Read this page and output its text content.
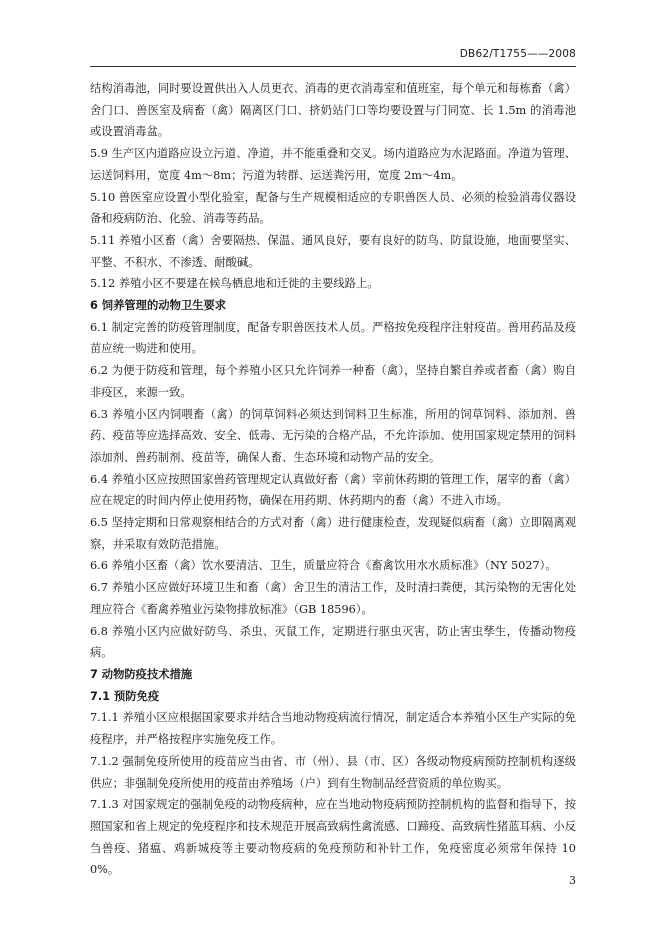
DB62/T1755——2008

结构消毒池，同时要设置供出入人员更衣、消毒的更衣消毒室和值班室，每个单元和每栋畜（禽）舍门口、兽医室及病畜（禽）隔离区门口、挤奶站门口等均要设置与门同宽、长 1.5m 的消毒池或设置消毒盆。

5.9 生产区内道路应设立污道、净道，并不能重叠和交叉。场内道路应为水泥路面。净道为管理、运送饲料用，宽度 4m～8m；污道为转群、运送粪污用，宽度 2m～4m。

5.10 兽医室应设置小型化验室，配备与生产规模相适应的专职兽医人员、必须的检验消毒仪器设备和疫病防治、化验、消毒等药品。

5.11 养殖小区畜（禽）舍要隔热、保温、通风良好，要有良好的防鸟、防鼠设施，地面要坚实、平整、不积水、不渗透、耐酸碱。

5.12 养殖小区不要建在候鸟栖息地和迁徙的主要线路上。

6 饲养管理的动物卫生要求

6.1 制定完善的防疫管理制度，配备专职兽医技术人员。严格按免疫程序注射疫苗。兽用药品及疫苗应统一购进和使用。

6.2 为便于防疫和管理，每个养殖小区只允许饲养一种畜（禽），坚持自繁自养或者畜（禽）购自非疫区，来源一致。

6.3 养殖小区内饲喂畜（禽）的饲草饲料必须达到饲料卫生标准，所用的饲草饲料、添加剂、兽药、疫苗等应选择高效、安全、低毒、无污染的合格产品，不允许添加、使用国家规定禁用的饲料添加剂、兽药制剂、疫苗等，确保人畜、生态环境和动物产品的安全。

6.4 养殖小区应按照国家兽药管理规定认真做好畜（禽）宰前休药期的管理工作，屠宰的畜（禽）应在规定的时间内停止使用药物，确保在用药期、休药期内的畜（禽）不进入市场。

6.5 坚持定期和日常观察相结合的方式对畜（禽）进行健康检查，发现疑似病畜（禽）立即隔离观察，并采取有效防范措施。

6.6 养殖小区畜（禽）饮水要清洁、卫生，质量应符合《畜禽饮用水水质标准》（NY 5027）。

6.7 养殖小区应做好环境卫生和畜（禽）舍卫生的清洁工作，及时清扫粪便，其污染物的无害化处理应符合《畜禽养殖业污染物排放标准》（GB 18596）。

6.8 养殖小区内应做好防鸟、杀虫、灭鼠工作，定期进行驱虫灭害，防止害虫孳生，传播动物疫病。

7 动物防疫技术措施

7.1 预防免疫

7.1.1 养殖小区应根据国家要求并结合当地动物疫病流行情况，制定适合本养殖小区生产实际的免疫程序，并严格按程序实施免疫工作。

7.1.2 强制免疫所使用的疫苗应当由省、市（州）、县（市、区）各级动物疫病预防控制机构逐级供应；非强制免疫所使用的疫苗由养殖场（户）到有生物制品经营资质的单位购买。

7.1.3 对国家规定的强制免疫的动物疫病种，应在当地动物疫病预防控制机构的监督和指导下，按照国家和省上规定的免疫程序和技术规范开展高致病性禽流感、口蹄疫、高致病性猪蓝耳病、小反刍兽疫、猪瘟、鸡新城疫等主要动物疫病的免疫预防和补针工作，免疫密度必须常年保持 100%。

3
